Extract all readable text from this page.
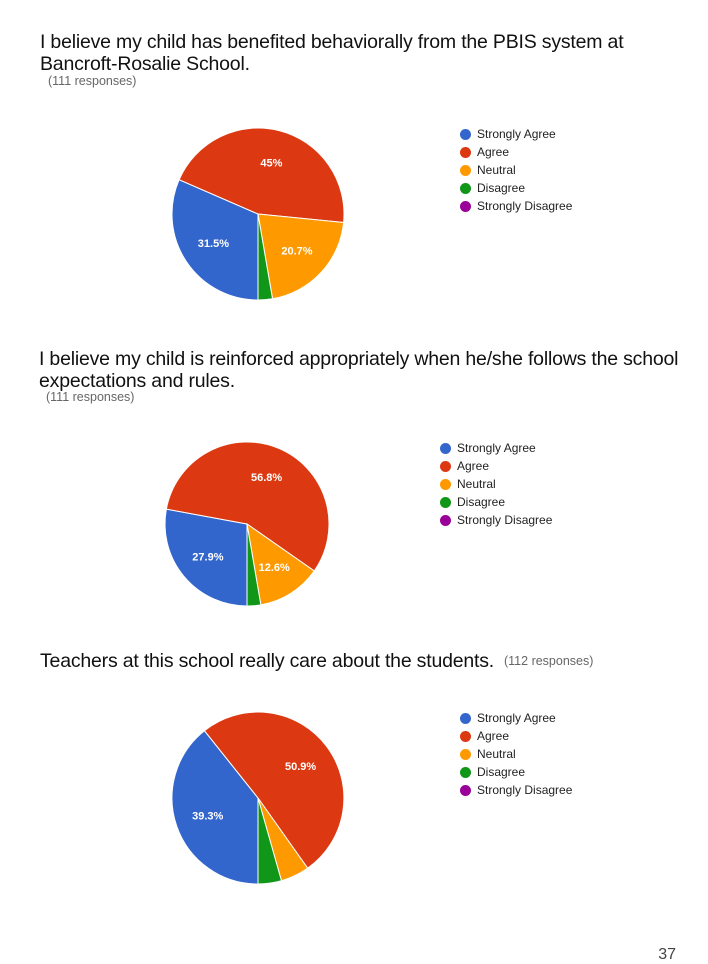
I believe my child has benefited behaviorally from the PBIS system at Bancroft-Rosalie School.
(111 responses)
31.5%
45%
20.7%
Strongly Agree
Agree
Neutral
Disagree
Strongly Disagree
I believe my child is reinforced appropriately when he/she follows the school expectations and rules.
(111 responses)
27.9%
56.8%
12.6%
Strongly Agree
Agree
Neutral
Disagree
Strongly Disagree
Teachers at this school really care about the students. (112 responses)
39.3%
50.9%
Strongly Agree
Agree
Neutral
Disagree
Strongly Disagree
37
